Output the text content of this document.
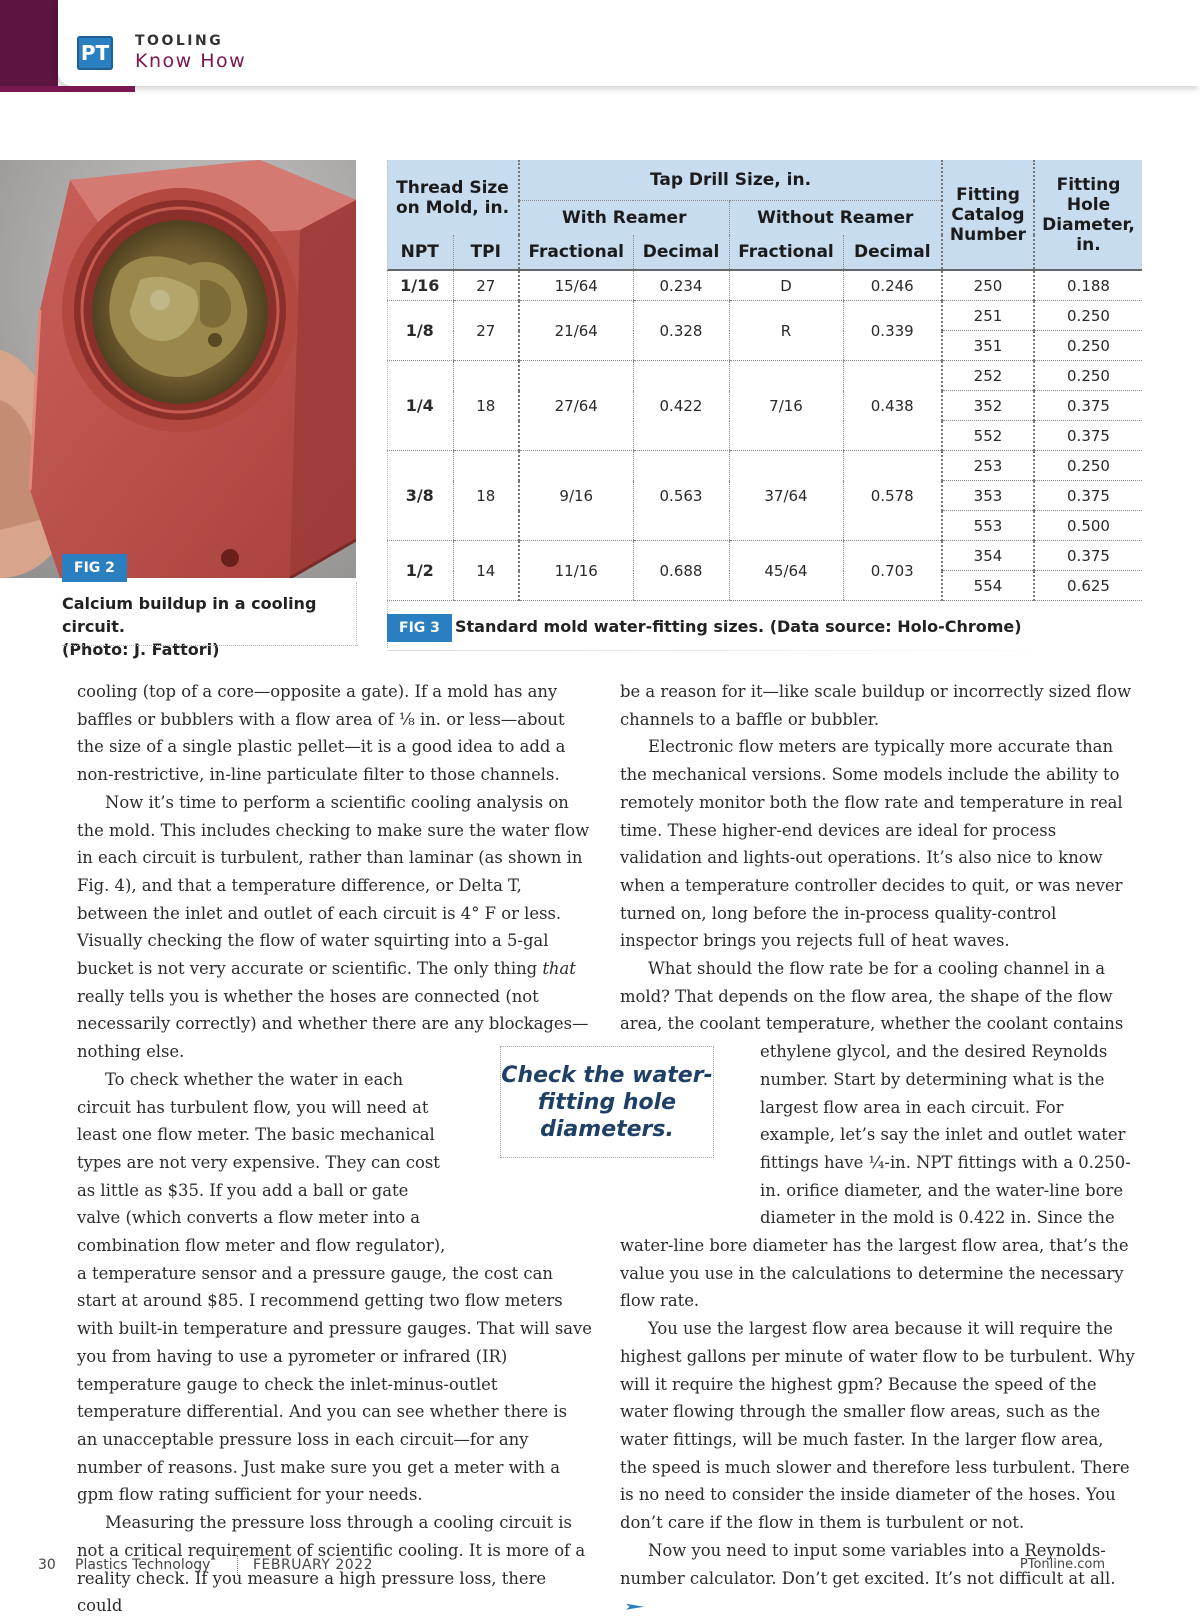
PT TOOLING
Know How
FIG 2
Calcium buildup in a cooling circuit.
(Photo: J. Fattori)
Thread Size on Mold, in.		Tap Drill Size, in.				Fitting Catalog Number	Fitting Hole Diameter, in.
		With Reamer		Without Reamer			
NPT	TPI	Fractional	Decimal	Fractional	Decimal		
1/16	27	15/64	0.234	D	0.246	250	0.188
1/8	27	21/64	0.328	R	0.339	251	0.250
						351	0.250
1/4	18	27/64	0.422	7/16	0.438	252	0.250
						352	0.375
						552	0.375
3/8	18	9/16	0.563	37/64	0.578	253	0.250
						353	0.375
						553	0.500
1/2	14	11/16	0.688	45/64	0.703	354	0.375
						554	0.625
FIG 3 Standard mold water-fitting sizes. (Data source: Holo-Chrome)

cooling (top of a core—opposite a gate). If a mold has any baffles or bubblers with a flow area of ⅛ in. or less—about the size of a single plastic pellet—it is a good idea to add a non-restrictive, in-line particulate filter to those channels.

Now it’s time to perform a scientific cooling analysis on the mold. This includes checking to make sure the water flow in each circuit is turbulent, rather than laminar (as shown in Fig. 4), and that a temperature difference, or Delta T, between the inlet and outlet of each circuit is 4° F or less. Visually checking the flow of water squirting into a 5-gal bucket is not very accurate or scientific. The only thing that really tells you is whether the hoses are connected (not necessarily correctly) and whether there are any blockages—nothing else.

To check whether the water in each circuit has turbulent flow, you will need at least one flow meter. The basic mechanical types are not very expensive. They can cost as little as $35. If you add a ball or gate valve (which converts a flow meter into a combination flow meter and flow regulator), a temperature sensor and a pressure gauge, the cost can start at around $85. I recommend getting two flow meters with built-in temperature and pressure gauges. That will save you from having to use a pyrometer or infrared (IR) temperature gauge to check the inlet-minus-outlet temperature differential. And you can see whether there is an unacceptable pressure loss in each circuit—for any number of reasons. Just make sure you get a meter with a gpm flow rating sufficient for your needs.

Measuring the pressure loss through a cooling circuit is not a critical requirement of scientific cooling. It is more of a reality check. If you measure a high pressure loss, there could

Check the water-fitting hole diameters.

be a reason for it—like scale buildup or incorrectly sized flow channels to a baffle or bubbler.

Electronic flow meters are typically more accurate than the mechanical versions. Some models include the ability to remotely monitor both the flow rate and temperature in real time. These higher-end devices are ideal for process validation and lights-out operations. It’s also nice to know when a temperature controller decides to quit, or was never turned on, long before the in-process quality-control inspector brings you rejects full of heat waves.

What should the flow rate be for a cooling channel in a mold? That depends on the flow area, the shape of the flow area, the coolant temperature, whether the coolant contains
ethylene glycol, and the desired Reynolds number. Start by determining what is the largest flow area in each circuit. For example, let’s say the inlet and outlet water fittings have ¼-in. NPT fittings with a 0.250-in. orifice diameter, and the water-line bore diameter in the mold is 0.422 in. Since the water-line bore diameter has the largest flow area, that’s the value you use in the calculations to determine the necessary flow rate.

You use the largest flow area because it will require the highest gallons per minute of water flow to be turbulent. Why will it require the highest gpm? Because the speed of the water flowing through the smaller flow areas, such as the water fittings, will be much faster. In the larger flow area, the speed is much slower and therefore less turbulent. There is no need to consider the inside diameter of the hoses. You don’t care if the flow in them is turbulent or not.

Now you need to input some variables into a Reynolds-number calculator. Don’t get excited. It’s not difficult at all.

30 Plastics Technology	FEBRUARY 2022	PTonline.com
